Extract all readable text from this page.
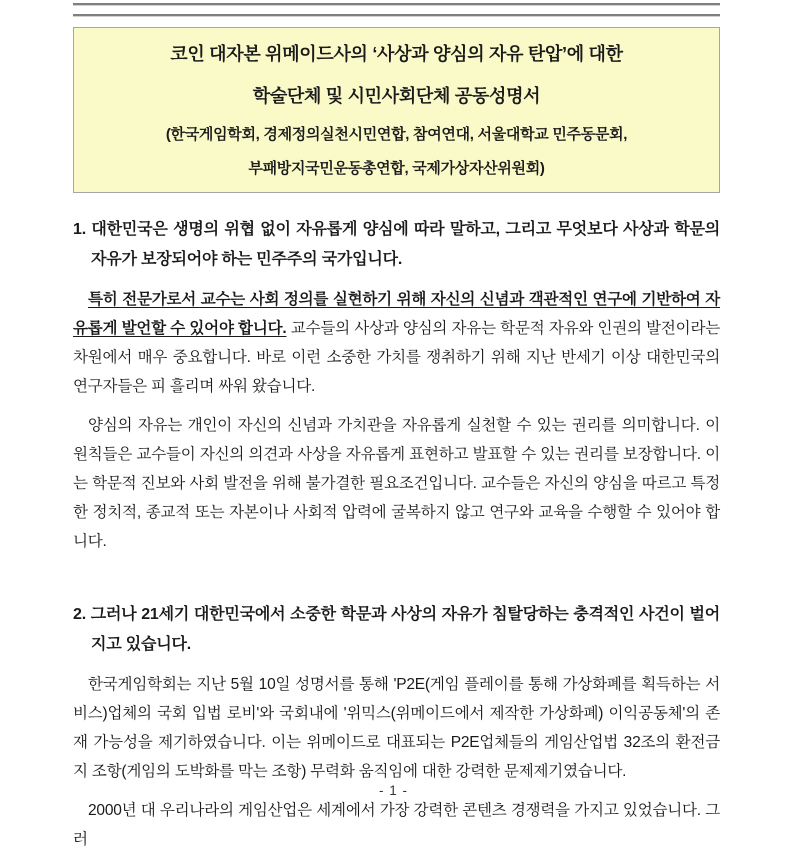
코인 대자본 위메이드사의 ‘사상과 양심의 자유 탄압’에 대한
학술단체 및 시민사회단체 공동성명서
(한국게임학회, 경제정의실천시민연합, 참여연대, 서울대학교 민주동문회,
부패방지국민운동총연합, 국제가상자산위원회)

1. 대한민국은 생명의 위협 없이 자유롭게 양심에 따라 말하고, 그리고 무엇보다 사상과 학문의 자유가 보장되어야 하는 민주주의 국가입니다.

특히 전문가로서 교수는 사회 정의를 실현하기 위해 자신의 신념과 객관적인 연구에 기반하여 자유롭게 발언할 수 있어야 합니다. 교수들의 사상과 양심의 자유는 학문적 자유와 인권의 발전이라는 차원에서 매우 중요합니다. 바로 이런 소중한 가치를 쟁취하기 위해 지난 반세기 이상 대한민국의 연구자들은 피 흘리며 싸워 왔습니다.

양심의 자유는 개인이 자신의 신념과 가치관을 자유롭게 실천할 수 있는 권리를 의미합니다. 이 원칙들은 교수들이 자신의 의견과 사상을 자유롭게 표현하고 발표할 수 있는 권리를 보장합니다. 이는 학문적 진보와 사회 발전을 위해 불가결한 필요조건입니다. 교수들은 자신의 양심을 따르고 특정한 정치적, 종교적 또는 자본이나 사회적 압력에 굴복하지 않고 연구와 교육을 수행할 수 있어야 합니다.

2. 그러나 21세기 대한민국에서 소중한 학문과 사상의 자유가 침탈당하는 충격적인 사건이 벌어지고 있습니다.

한국게임학회는 지난 5월 10일 성명서를 통해 'P2E(게임 플레이를 통해 가상화폐를 획득하는 서비스)업체의 국회 입법 로비'와 국회내에 '위믹스(위메이드에서 제작한 가상화폐) 이익공동체'의 존재 가능성을 제기하였습니다. 이는 위메이드로 대표되는 P2E업체들의 게임산업법 32조의 환전금지 조항(게임의 도박화를 막는 조항) 무력화 움직임에 대한 강력한 문제제기였습니다.

2000년 대 우리나라의 게임산업은 세계에서 가장 강력한 콘텐츠 경쟁력을 가지고 있었습니다. 그러

- 1 -
